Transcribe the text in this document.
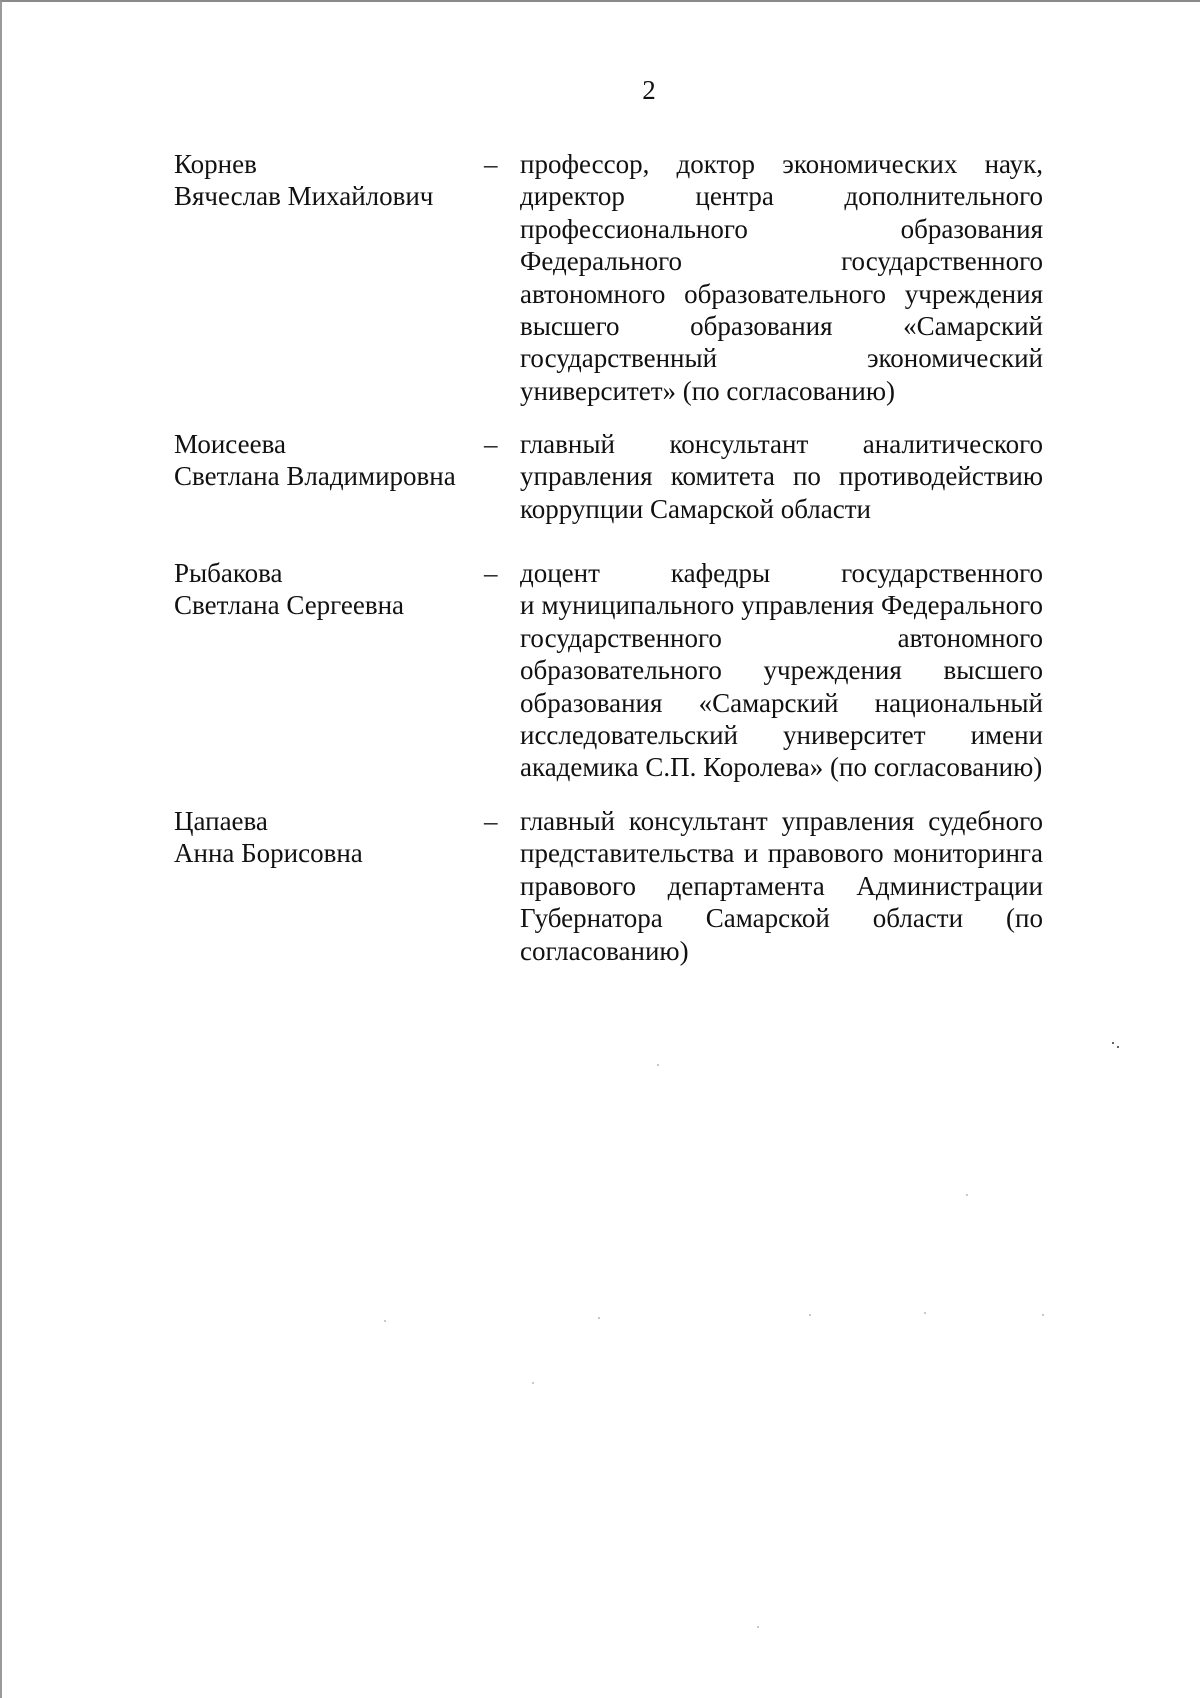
2
Корнев
Вячеслав Михайлович
– профессор, доктор экономических наук,
директор центра дополнительного
профессионального образования
Федерального государственного
автономного образовательного учреждения
высшего образования «Самарский
государственный экономический
университет» (по согласованию)
Моисеева
Светлана Владимировна
– главный консультант аналитического
управления комитета по противодействию
коррупции Самарской области
Рыбакова
Светлана Сергеевна
– доцент кафедры государственного
и муниципального управления Федерального
государственного автономного
образовательного учреждения высшего
образования «Самарский национальный
исследовательский университет имени
академика С.П. Королева» (по согласованию)
Цапаева
Анна Борисовна
– главный консультант управления судебного
представительства и правового мониторинга
правового департамента Администрации
Губернатора Самарской области (по
согласованию)
